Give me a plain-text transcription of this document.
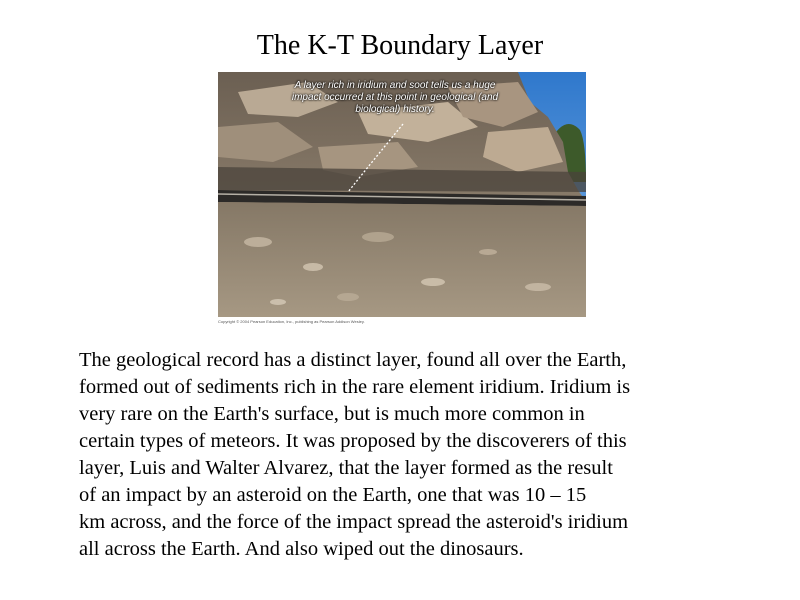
The K-T Boundary Layer
A layer rich in iridium and soot tells us a huge impact occurred at this point in geological (and biological) history.
Copyright © 2004 Pearson Education, Inc., publishing as Pearson Addison Wesley.
The geological record has a distinct layer, found all over the Earth,
formed out of sediments rich in the rare element iridium. Iridium is
very rare on the Earth's surface, but is much more common in
certain types of meteors. It was proposed by the discoverers of this
layer, Luis and Walter Alvarez, that the layer formed as the result
of an impact by an asteroid on the Earth, one that was 10 – 15
km across, and the force of the impact spread the asteroid's iridium
all across the Earth. And also wiped out the dinosaurs.
